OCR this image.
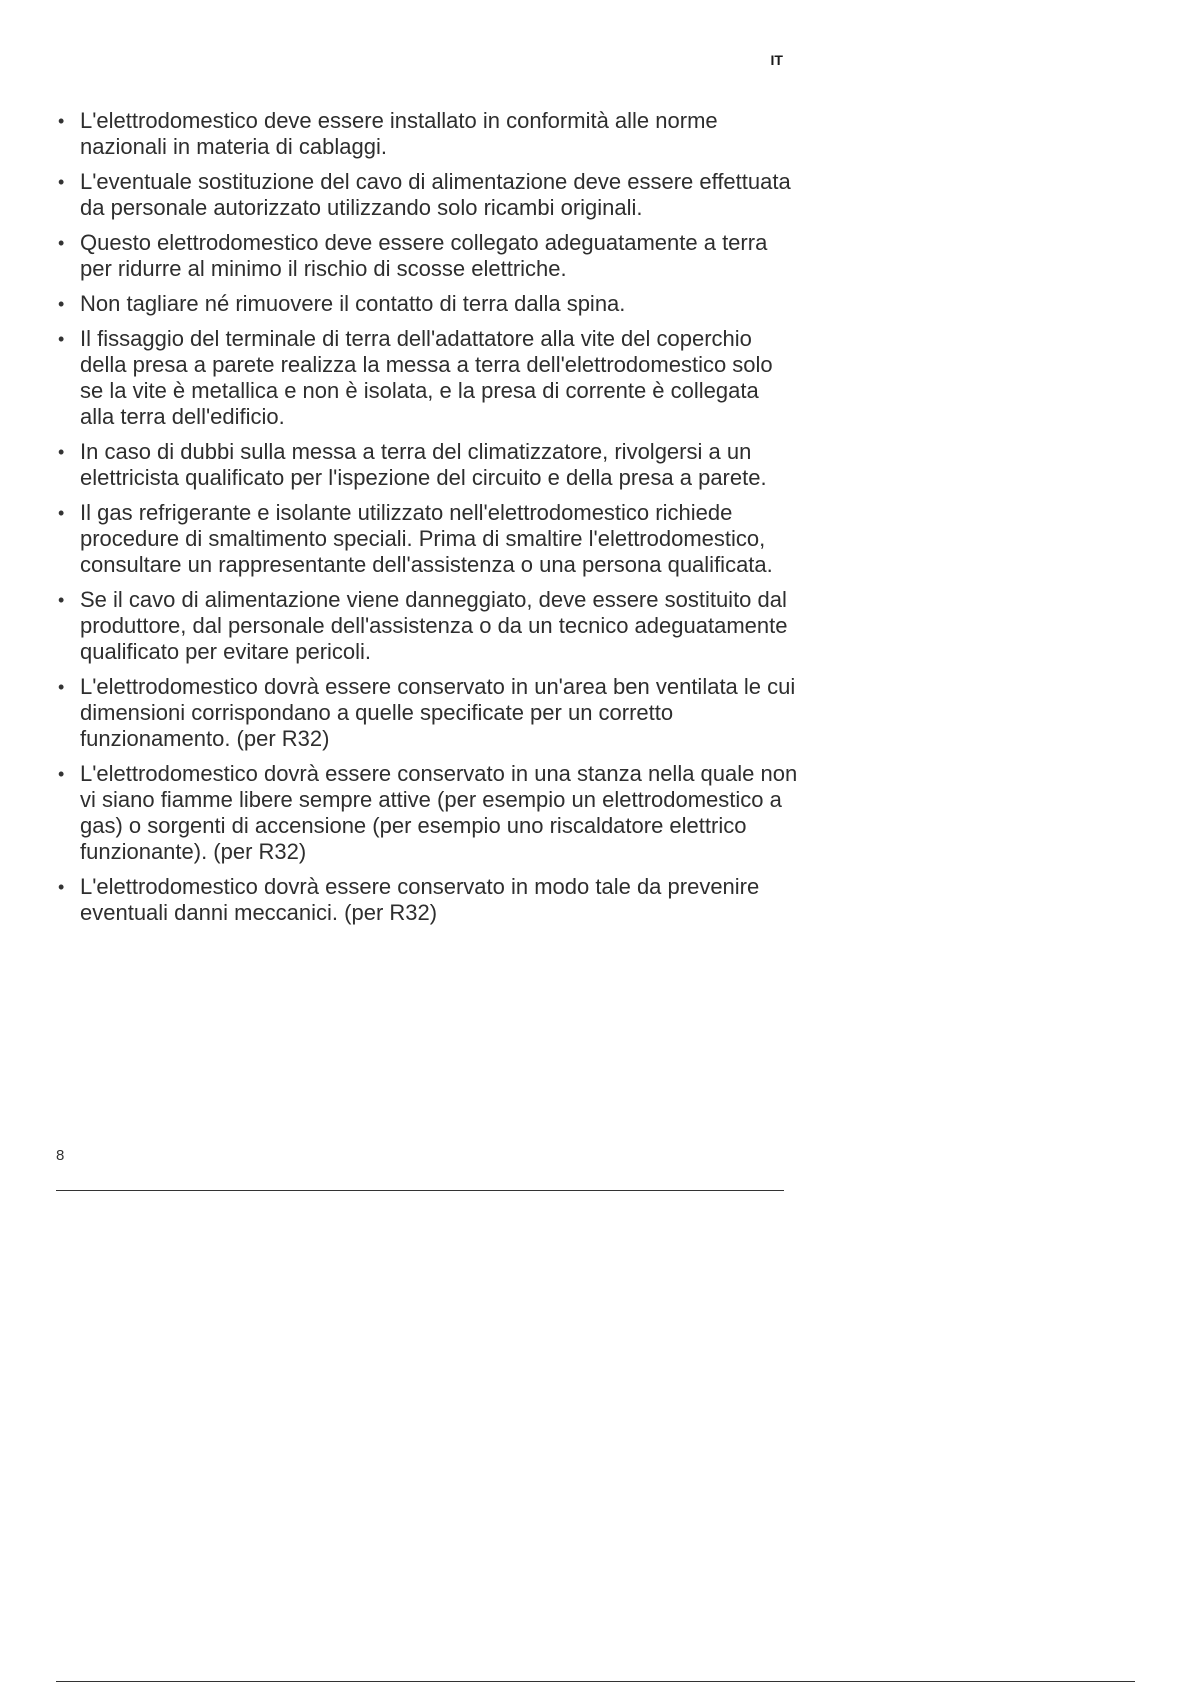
IT
• L'elettrodomestico deve essere installato in conformità alle norme nazionali in materia di cablaggi.
• L'eventuale sostituzione del cavo di alimentazione deve essere effettuata da personale autorizzato utilizzando solo ricambi originali.
• Questo elettrodomestico deve essere collegato adeguatamente a terra per ridurre al minimo il rischio di scosse elettriche.
• Non tagliare né rimuovere il contatto di terra dalla spina.
• Il fissaggio del terminale di terra dell'adattatore alla vite del coperchio della presa a parete realizza la messa a terra dell'elettrodomestico solo se la vite è metallica e non è isolata, e la presa di corrente è collegata alla terra dell'edificio.
• In caso di dubbi sulla messa a terra del climatizzatore, rivolgersi a un elettricista qualificato per l'ispezione del circuito e della presa a parete.
• Il gas refrigerante e isolante utilizzato nell'elettrodomestico richiede procedure di smaltimento speciali. Prima di smaltire l'elettrodomestico, consultare un rappresentante dell'assistenza o una persona qualificata.
• Se il cavo di alimentazione viene danneggiato, deve essere sostituito dal produttore, dal personale dell'assistenza o da un tecnico adeguatamente qualificato per evitare pericoli.
• L'elettrodomestico dovrà essere conservato in un'area ben ventilata le cui dimensioni corrispondano a quelle specificate per un corretto funzionamento. (per R32)
• L'elettrodomestico dovrà essere conservato in una stanza nella quale non vi siano fiamme libere sempre attive (per esempio un elettrodomestico a gas) o sorgenti di accensione (per esempio uno riscaldatore elettrico funzionante). (per R32)
• L'elettrodomestico dovrà essere conservato in modo tale da prevenire eventuali danni meccanici. (per R32)
8
